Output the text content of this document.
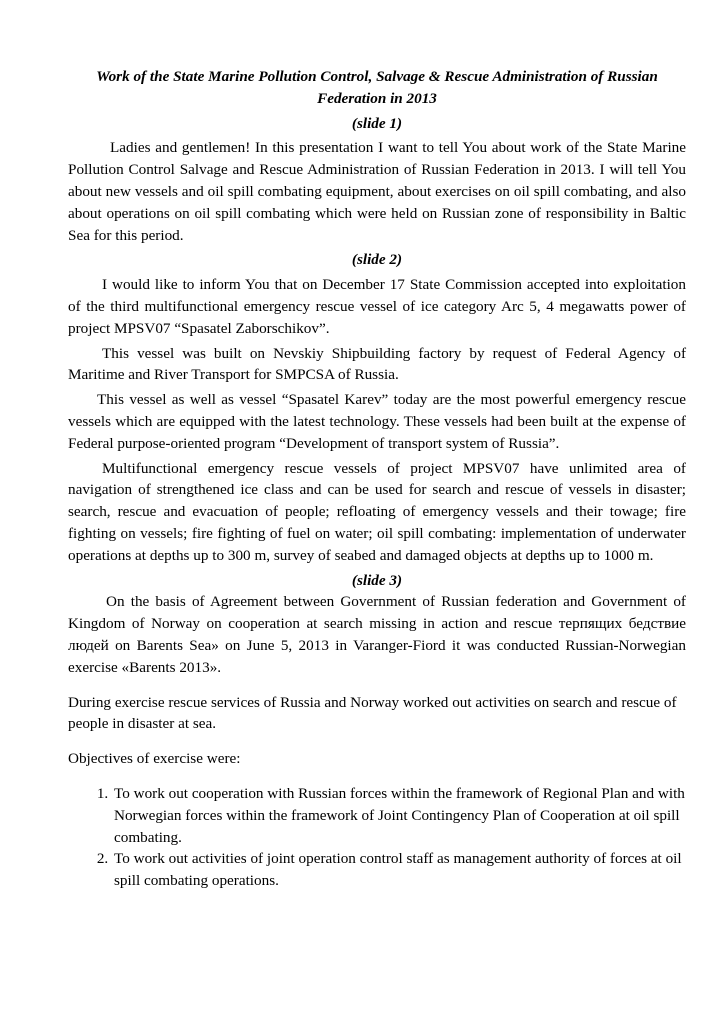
Work of the State Marine Pollution Control, Salvage & Rescue Administration of Russian Federation in 2013

(slide 1)

Ladies and gentlemen! In this presentation I want to tell You about work of the State Marine Pollution Control Salvage and Rescue Administration of Russian Federation in 2013. I will tell You about new vessels and oil spill combating equipment, about exercises on oil spill combating, and also about operations on oil spill combating which were held on Russian zone of responsibility in Baltic Sea for this period.

(slide 2)

I would like to inform You that on December 17 State Commission accepted into exploitation of the third multifunctional emergency rescue vessel of ice category Arc 5, 4 megawatts power of project MPSV07 “Spasatel Zaborschikov”.

This vessel was built on Nevskiy Shipbuilding factory by request of Federal Agency of Maritime and River Transport for SMPCSA of Russia.

This vessel as well as vessel “Spasatel Karev” today are the most powerful emergency rescue vessels which are equipped with the latest technology. These vessels had been built at the expense of Federal purpose-oriented program “Development of transport system of Russia”.

Multifunctional emergency rescue vessels of project MPSV07 have unlimited area of navigation of strengthened ice class and can be used for search and rescue of vessels in disaster; search, rescue and evacuation of people; refloating of emergency vessels and their towage; fire fighting on vessels; fire fighting of fuel on water; oil spill combating: implementation of underwater operations at depths up to 300 m, survey of seabed and damaged objects at depths up to 1000 m.

(slide 3)

On the basis of Agreement between Government of Russian federation and Government of Kingdom of Norway on cooperation at search missing in action and rescue терпящих бедствие людей on Barents Sea» on June 5, 2013 in Varanger-Fiord it was conducted Russian-Norwegian exercise «Barents 2013».

During exercise rescue services of Russia and Norway worked out activities on search and rescue of people in disaster at sea.

Objectives of exercise were:

1. To work out cooperation with Russian forces within the framework of Regional Plan and with Norwegian forces within the framework of Joint Contingency Plan of Cooperation at oil spill combating.
2. To work out activities of joint operation control staff as management authority of forces at oil spill combating operations.
